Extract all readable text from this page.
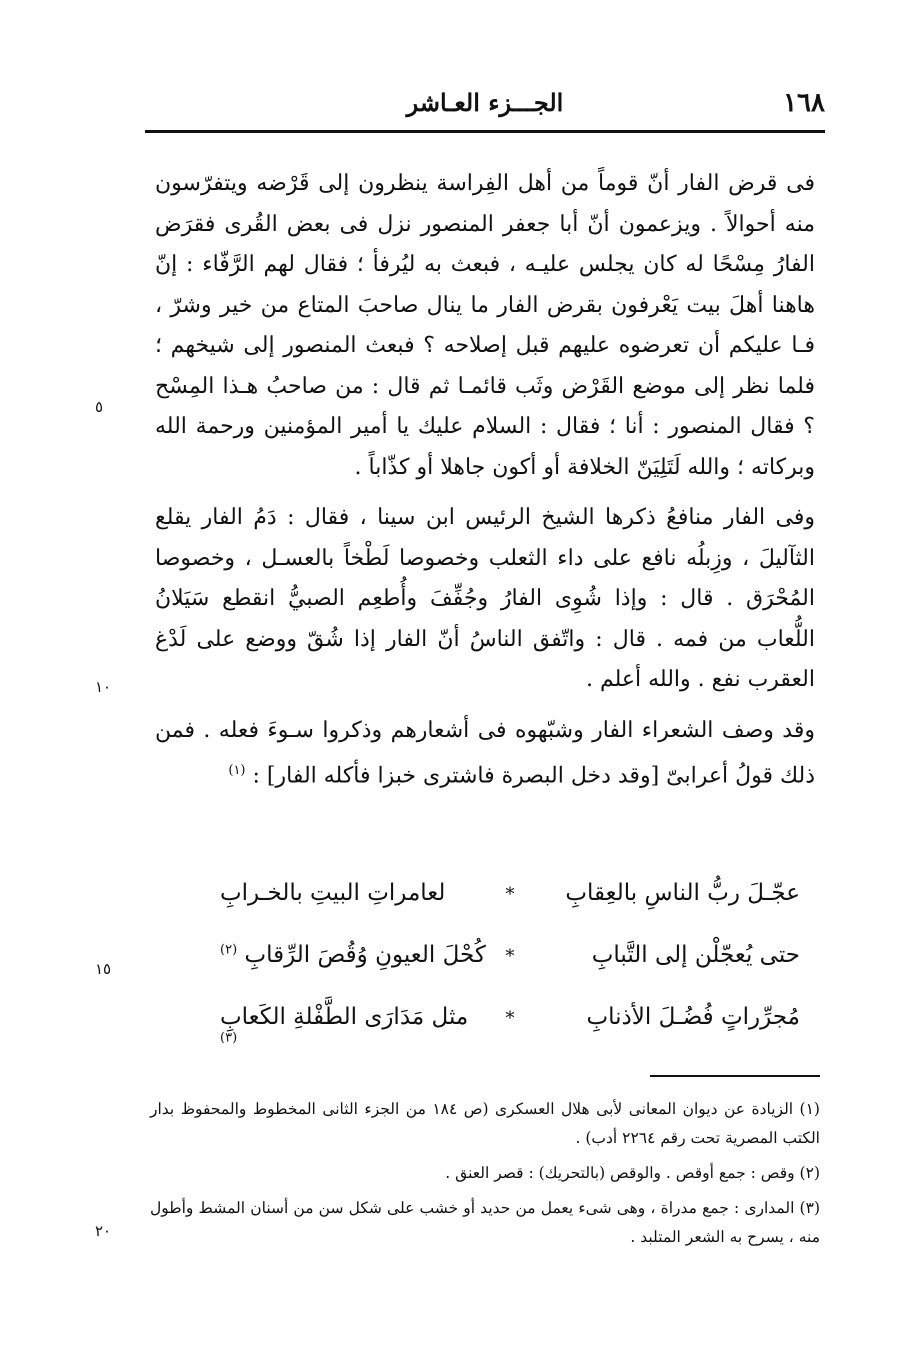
١٦٨
الجـــزء العـاشر

فى قرض الفار أنّ قوماً من أهل الفِراسة ينظرون إلى قَرْضه ويتفرّسون منه أحوالاً . ويزعمون أنّ أبا جعفر المنصور نزل فى بعض القُرى فقرَض الفارُ مِسْحًا له كان يجلس عليـه ، فبعث به ليُرفأ ؛ فقال لهم الرَّفّاء : إنّ هاهنا أهلَ بيت يَعْرفون بقرض الفار ما ينال صاحبَ المتاع من خير وشرّ ، فـا عليكم أن تعرضوه عليهم قبل إصلاحه ؟ فبعث المنصور إلى شيخهم ؛ فلما نظر إلى موضع القَرْض وثَب قائمـا ثم قال : من صاحبُ هـذا المِسْح ؟ فقال المنصور : أنا ؛ فقال : السلام عليك يا أمير المؤمنين ورحمة الله وبركاته ؛ والله لَتَلِيَنّ الخلافة أو أكون جاهلا أو كذّاباً .

وفى الفار منافعُ ذكرها الشيخ الرئيس ابن سينا ، فقال : دَمُ الفار يقلع الثآليلَ ، وزِبلُه نافع على داء الثعلب وخصوصا لَطْخاً بالعسـل ، وخصوصا المُحْرَق . قال : وإذا شُوِى الفارُ وجُفِّفَ وأُطعِم الصبيُّ انقطع سَيَلانُ اللُّعاب من فمه . قال : واتّفق الناسُ أنّ الفار إذا شُقّ ووضع على لَدْغ العقرب نفع . والله أعلم .

وقد وصف الشعراء الفار وشبّهوه فى أشعارهم وذكروا سـوءَ فعله . فمن ذلك قولُ أعرابىّ [وقد دخل البصرة فاشترى خبزا فأكله الفار] : $^{(١)}$

عجّـلَ ربُّ الناسِ بالعِقابِ
*
لعامراتِ البيتِ بالخـرابِ
حتى يُعجّلْن إلى التَّبابِ
*
كُحْلَ العيونِ وُقُصَ الرِّقابِ $^{(٢)}$
مُجرِّراتٍ فُضُـلَ الأذنابِ
*
مثل مَدَارَى الطَّفْلةِ الكَعابِ $^{(٣)}$

(١) الزيادة عن ديوان المعانى لأبى هلال العسكرى (ص ١٨٤ من الجزء الثانى المخطوط والمحفوظ بدار الكتب المصرية تحت رقم ٢٢٦٤ أدب) .

(٢) وقص : جمع أوقص . والوقص (بالتحريك) : قصر العنق .

(٣) المدارى : جمع مدراة ، وهى شىء يعمل من حديد أو خشب على شكل سن من أسنان المشط وأطول منه ، يسرح به الشعر المتلبد .

٥
١٠
١٥
٢٠
